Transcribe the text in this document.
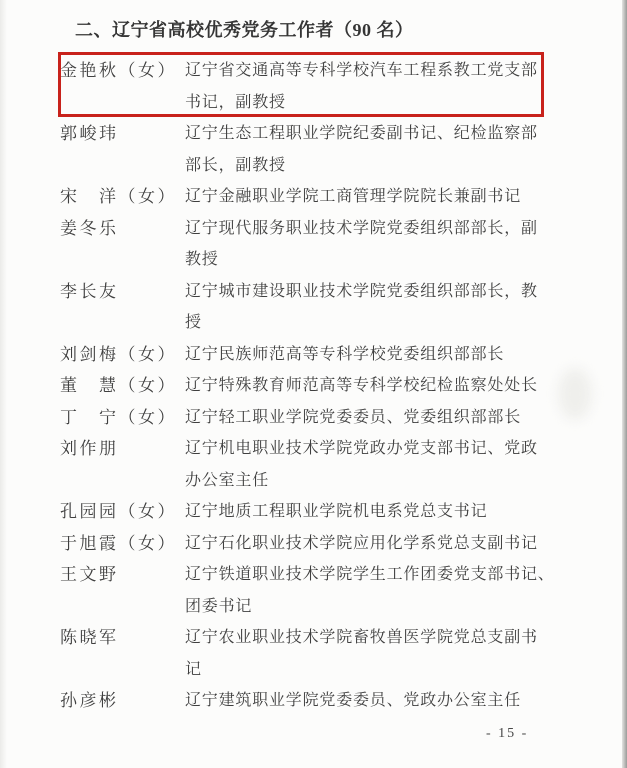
二、辽宁省高校优秀党务工作者（90 名）
金艳秋（女） 辽宁省交通高等专科学校汽车工程系教工党支部
书记，副教授
郭峻玮	辽宁生态工程职业学院纪委副书记、纪检监察部
部长，副教授
宋　洋（女） 辽宁金融职业学院工商管理学院院长兼副书记
姜冬乐	辽宁现代服务职业技术学院党委组织部部长，副
教授
李长友	辽宁城市建设职业技术学院党委组织部部长，教
授
刘剑梅（女） 辽宁民族师范高等专科学校党委组织部部长
董　慧（女） 辽宁特殊教育师范高等专科学校纪检监察处处长
丁　宁（女） 辽宁轻工职业学院党委委员、党委组织部部长
刘作朋	辽宁机电职业技术学院党政办党支部书记、党政
办公室主任
孔园园（女） 辽宁地质工程职业学院机电系党总支书记
于旭霞（女） 辽宁石化职业技术学院应用化学系党总支副书记
王文野	辽宁铁道职业技术学院学生工作团委党支部书记、
团委书记
陈晓军	辽宁农业职业技术学院畜牧兽医学院党总支副书
记
孙彦彬	辽宁建筑职业学院党委委员、党政办公室主任
- 15 -
